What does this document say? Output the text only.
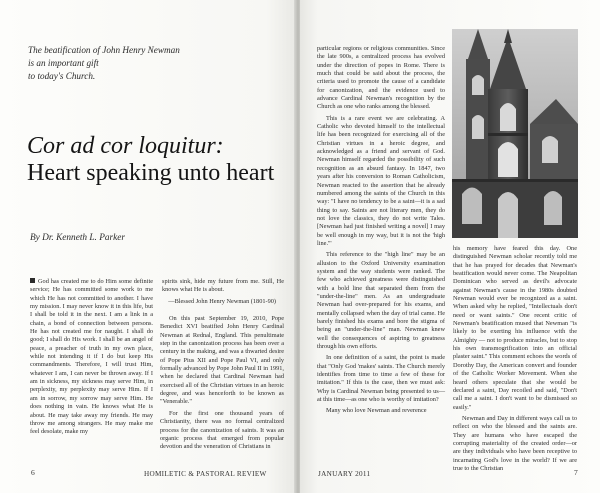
The beatification of John Henry Newman
is an important gift
to today's Church.
Cor ad cor loquitur:
Heart speaking unto heart
By Dr. Kenneth L. Parker

God has created me to do Him some definite service; He has committed some work to me which He has not committed to another. I have my mission. I may never know it in this life, but I shall be told it in the next. I am a link in a chain, a bond of connection between persons. He has not created me for naught. I shall do good; I shall do His work. I shall be an angel of peace, a preacher of truth in my own place, while not intending it if I do but keep His commandments. Therefore, I will trust Him, whatever I am, I can never be thrown away. If I am in sickness, my sickness may serve Him, in perplexity, my perplexity may serve Him. If I am in sorrow, my sorrow may serve Him. He does nothing in vain. He knows what He is about. He may take away my friends. He may throw me among strangers. He may make me feel desolate, make my

spirits sink, hide my future from me. Still, He knows what He is about.

—Blessed John Henry Newman (1801-90)

On this past September 19, 2010, Pope Benedict XVI beatified John Henry Cardinal Newman at Rednal, England. This penultimate step in the canonization process has been over a century in the making, and was a thwarted desire of Pope Pius XII and Pope Paul VI, and only formally advanced by Pope John Paul II in 1991, when he declared that Cardinal Newman had exercised all of the Christian virtues in an heroic degree, and was henceforth to be known as "Venerable."

For the first one thousand years of Christianity, there was no formal centralized process for the canonization of saints. It was an organic process that emerged from popular devotion and the veneration of Christians in

6	HOMILETIC & PASTORAL REVIEW

particular regions or religious communities. Since the late 900s, a centralized process has evolved under the direction of popes in Rome. There is much that could be said about the process, the criteria used to promote the cause of a candidate for canonization, and the evidence used to advance Cardinal Newman's recognition by the Church as one who ranks among the blessed.

This is a rare event we are celebrating. A Catholic who devoted himself to the intellectual life has been recognized for exercising all of the Christian virtues in a heroic degree, and acknowledged as a friend and servant of God. Newman himself regarded the possibility of such recognition as an absurd fantasy. In 1847, two years after his conversion to Roman Catholicism, Newman reacted to the assertion that he already numbered among the saints of the Church in this way: "I have no tendency to be a saint—it is a sad thing to say. Saints are not literary men, they do not love the classics, they do not write Tales. [Newman had just finished writing a novel] I may be well enough in my way, but it is not the 'high line.'"

This reference to the "high line" may be an allusion to the Oxford University examination system and the way students were ranked. The few who achieved greatness were distinguished with a bold line that separated them from the "under-the-line" men. As an undergraduate Newman had over-prepared for his exams, and mentally collapsed when the day of trial came. He barely finished his exams and bore the stigma of being an "under-the-line" man. Newman knew well the consequences of aspiring to greatness through his own efforts.

In one definition of a saint, the point is made that "Only God 'makes' saints. The Church merely identifies from time to time a few of these for imitation." If this is the case, then we must ask: Why is Cardinal Newman being presented to us—at this time—as one who is worthy of imitation?

Many who love Newman and reverence

his memory have feared this day. One distinguished Newman scholar recently told me that he has prayed for decades that Newman's beatification would never come. The Neapolitan Dominican who served as devil's advocate against Newman's cause in the 1980s doubted Newman would ever be recognized as a saint. When asked why he replied, "Intellectuals don't need or want saints." One recent critic of Newman's beatification mused that Newman "is likely to be exerting his influence with the Almighty — not to produce miracles, but to stop his own transmogrification into an official plaster saint." This comment echoes the words of Dorothy Day, the American convert and founder of the Catholic Worker Movement. When she heard others speculate that she would be declared a saint, Day recoiled and said, "Don't call me a saint. I don't want to be dismissed so easily."

Newman and Day in different ways call us to reflect on who the blessed and the saints are. They are humans who have escaped the corrupting materiality of the created order—or are they individuals who have been receptive to incarnating God's love in the world? If we are true to the Christian

JANUARY 2011	7
